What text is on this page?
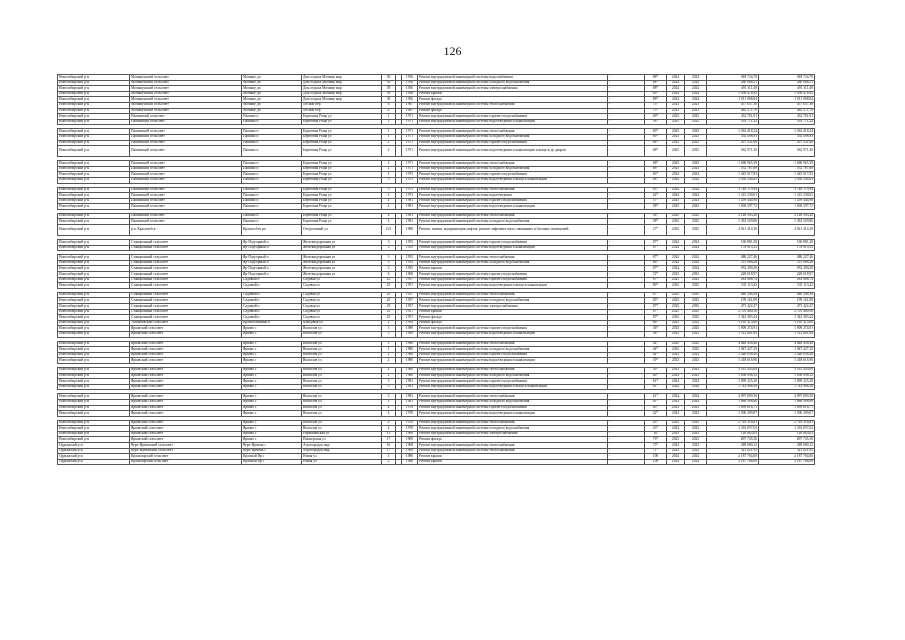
126
Новосибирский р-н	Мочищенский сельсовет	Мочище дп	Дом отдыха Мочище мкр	30		1956	Ремонт внутридомовой инженерной системы водоснабжения	-	88*	2024	2024	949 724,78	949 724,78
Новосибирский р-н	Мочищенский сельсовет	Мочище дп	Дом отдыха Мочище мкр	39		1956	Ремонт внутридомовой инженерной системы холодного водоснабжения	-	88*	2024	2024	280 068,51	280 068,51
Новосибирский р-н	Мочищенский сельсовет	Мочище дп	Дом отдыха Мочище мкр	39		1956	Ремонт внутридомовой инженерной системы электроснабжения	-	88*	2024	2024	491 311,49	491 311,49
Новосибирский р-н	Мочищенский сельсовет	Мочище дп	Дом отдыха Мочище мкр	39		1956	Ремонт крыши	-	69*	2024	2024	1 056 478,92	1 056 478,92
Новосибирский р-н	Мочищенский сельсовет	Мочище дп	Дом отдыха Мочище мкр	39		1956	Ремонт фасада	-	88*	2024	2024	1 011 008,84	1 011 008,84
Новосибирский р-н	Мочищенский сельсовет	Мочище дп	Лесной пер	6		1967	Ремонт внутридомовой инженерной системы теплоснабжения	-	73*	2023	2023	457 037,38	457 037,38
Новосибирский р-н	Мочищенский сельсовет	Мочище дп	Лесной пер	4		1967	Ремонт фасада	-	73*	2023	2023	482 571,70	482 571,70
Новосибирский р-н	Пашинский сельсовет	Пашино п	Береговая Роща ул	1		1971	Ремонт внутридомовой инженерной системы горячего водоснабжения	-	69*	2025	2025	432 761,91	432 761,91
Новосибирский р-н	Пашинский сельсовет	Пашино п	Береговая Роща ул	1		1971	Ремонт внутридомовой инженерной системы водоотведения и канализации	-	58*	2025	2025	553 771,22	553 771,22

Новосибирский р-н	Пашинский сельсовет	Пашино п	Береговая Роща ул	1		1971	Ремонт внутридомовой инженерной системы теплоснабжения	-	69*	2025	2025	1 562 418,24	1 562 418,24
Новосибирский р-н	Пашинский сельсовет	Пашино п	Береговая Роща ул	1		1971	Ремонт внутридомовой инженерной системы холодного водоснабжения	-	69*	2025	2025	554 498,93	554 498,93
Новосибирский р-н	Пашинский сельсовет	Пашино п	Береговая Роща ул	2		1971	Ремонт внутридомовой инженерной системы горячего водоснабжения	-	68*	2025	2025	457 531,60	457 531,60
Новосибирский р-н	Пашинский сельсовет	Пашино п	Береговая Роща ул	2		1971	Ремонт внутридомовой инженерной системы водоотведения и канализации и выпуск до дворов	-	68*	2025	2025	562 971,30	562 971,30

Новосибирский р-н	Пашинский сельсовет	Пашино п	Береговая Роща ул	2		1971	Ремонт внутридомовой инженерной системы теплоснабжения	-	68*	2025	2025	1 668 965,39	1 668 965,39
Новосибирский р-н	Пашинский сельсовет	Пашино п	Береговая Роща ул	2		1971	Ремонт внутридомовой инженерной системы холодного водоснабжения	-	68*	2025	2025	552 767,60	552 767,60
Новосибирский р-н	Пашинский сельсовет	Пашино п	Береговая Роща ул	3		1973	Ремонт внутридомовой инженерной системы горячего водоснабжения	-	63*	2024	2024	1 045 917,83	1 045 917,83
Новосибирский р-н	Пашинский сельсовет	Пашино п	Береговая Роща ул	3		1973	Ремонт внутридомовой инженерной системы водоотведения и выпуск канализации	-	68*	2024	2024	1 930 344,83	1 930 344,83

Новосибирский р-н	Пашинский сельсовет	Пашино п	Береговая Роща ул	3		1973	Ремонт внутридомовой инженерной системы теплоснабжения	-	63*	2024	2024	3 749 179,94	3 749 179,94
Новосибирский р-н	Пашинский сельсовет	Пашино п	Береговая Роща ул	3		1973	Ремонт внутридомовой инженерной системы водоотведения	-	62*	2024	2024	1 215 230,61	1 215 230,61
Новосибирский р-н	Пашинский сельсовет	Пашино п	Береговая Роща ул	4		1981	Ремонт внутридомовой инженерной системы горячего водоснабжения	-	57*	2025	2025	1 459 444,90	1 459 444,90
Новосибирский р-н	Пашинский сельсовет	Пашино п	Береговая Роща ул	4		1981	Ремонт внутридомовой инженерной системы водоотведения и канализации	-	58*	2025	2025	1 658 597,72	1 658 597,72

Новосибирский р-н	Пашинский сельсовет	Пашино п	Береговая Роща ул	4		1981	Ремонт внутридомовой инженерной системы теплоснабжения	-	58*	2025	2025	3 148 393,28	3 148 393,28
Новосибирский р-н	Пашинский сельсовет	Пашино п	Береговая Роща ул	4		1981	Ремонт внутридомовой инженерной системы холодного водоснабжения	-	58*	2025	2025	1 453 529,86	1 453 529,86
Новосибирский р-н	р.п. Краснообск	Краснообск рп	Отгрузочный ул	213		1988	Ремонт, замена, модернизация лифтов, ремонт лифтовых шахт, машинных и блочных помещений	-	27*	2025	2025	4 021 414,38	4 021 414,38

Новосибирский р-н	Станционный сельсовет	Яр-Подгорный п	Железнодорожная ул	3		1955	Ремонт внутридомовой инженерной системы горячего водоснабжения	-	87*	2024	2024	160 881,28	160 881,28
Новосибирский р-н	Станционный сельсовет	Яр-Подгорный п	Железнодорожная ул	3		1955	Ремонт внутридомовой инженерной системы водоотведения и канализации	-	87*	2024	2024	178 915,52	178 915,52

Новосибирский р-н	Станционный сельсовет	Яр-Подгорный п	Железнодорожная ул	3		1955	Ремонт внутридомовой инженерной системы теплоснабжения	-	87*	2024	2024	480 227,46	480 227,46
Новосибирский р-н	Станционный сельсовет	Яр-Подгорный п	Железнодорожная ул	3		1955	Ремонт внутридомовой инженерной системы холодного водоснабжения	-	86*	2024	2024	115 086,26	115 086,26
Новосибирский р-н	Станционный сельсовет	Яр-Подгорный п	Железнодорожная ул	3		1955	Ремонт крыши	-	87*	2024	2024	932 390,30	932 390,30
Новосибирский р-н	Станционный сельсовет	Яр-Подгорный п	Железнодорожная ул	6		1968	Ремонт внутридомовой инженерной системы горячего водоснабжения	-	72*	2023	2023	228 618,97	228 618,97
Новосибирский р-н	Станционный сельсовет	Садовый п	Садовая ул	25		1957	Ремонт внутридомовой инженерной системы горячего водоснабжения	-	87*	2025	2025	283 086,74	283 086,74
Новосибирский р-н	Станционный сельсовет	Садовый п	Садовая ул	25		1957	Ремонт внутридомовой инженерной системы водоотведения и выпуск канализации	-	80*	2025	2025	535 113,42	535 113,42

Новосибирский р-н	Станционный сельсовет	Садовый п	Садовая ул	25		1957	Ремонт внутридомовой инженерной системы теплоснабжения	-	87*	2025	2025	846 348,56	846 348,56
Новосибирский р-н	Станционный сельсовет	Садовый п	Садовая ул	25		1957	Ремонт внутридомовой инженерной системы холодного водоснабжения	-	85*	2025	2025	199 161,89	199 161,89
Новосибирский р-н	Станционный сельсовет	Садовый п	Садовая ул	25		1957	Ремонт внутридомовой инженерной системы электроснабжения	-	87*	2025	2025	473 422,47	473 422,47
Новосибирский р-н	Станционный сельсовет	Садовый п	Садовая ул	25		1957	Ремонт крыши	-	87*	2025	2025	2 701 460,50	2 701 460,50
Новосибирский р-н	Станционный сельсовет	Садовый п	Садовая ул	25		1957	Ремонт фасада	-	87*	2025	2025	1 342 383,44	1 342 383,44
Новосибирский р-н	Толмачевский сельсовет	Красноглинный п	Шкодовая ул	2		1959	Ремонт фасада	-	66*	2023	2023	3 165 315,80	3 165 315,80
Новосибирский р-н	Ярковский сельсовет	Ярково с	Вокзалов ул	3		1989	Ремонт внутридомовой инженерной системы горячего водоснабжения	-	36*	2025	2025	1 909 374,91	1 909 374,91
Новосибирский р-н	Ярковский сельсовет	Ярково с	Вокзалов ул	3		1989	Ремонт внутридомовой инженерной системы водоотведения и канализации	-	38*	2025	2025	1 512 601,84	1 512 601,84

Новосибирский р-н	Ярковский сельсовет	Ярково с	Вокзалов ул	1		1980	Ремонт внутридомовой инженерной системы теплоснабжения	-	44*	2025	2025	4 648 456,46	4 648 456,46
Новосибирский р-н	Ярковский сельсовет	Ярково с	Вокзалов ул	1		1980	Ремонт внутридомовой инженерной системы холодного водоснабжения	-	44*	2025	2025	1 947 427,29	1 947 427,29
Новосибирский р-н	Ярковский сельсовет	Ярково с	Вокзалов ул	2		1980	Ремонт внутридомовой инженерной системы горячего водоснабжения	-	44*	2023	2023	1 426 056,40	1 426 056,40
Новосибирский р-н	Ярковский сельсовет	Ярково с	Вокзалов ул	2		1980	Ремонт внутридомовой инженерной системы водоотведения и канализации	-	39*	2023	2023	1 418 616,96	1 418 616,96

Новосибирский р-н	Ярковский сельсовет	Ярково с	Вокзалов ул	2		1980	Ремонт внутридомовой инженерной системы теплоснабжения	-	39*	2023	2023	3 181 443,69	3 181 443,69
Новосибирский р-н	Ярковский сельсовет	Ярково с	Вокзалов ул	2		1980	Ремонт внутридомовой инженерной системы холодного водоснабжения	-	40*	2023	2023	1 656 096,12	1 656 096,12
Новосибирский р-н	Ярковский сельсовет	Ярково с	Вокзалов ул	3		1981	Ремонт внутридомовой инженерной системы горячего водоснабжения	-	61*	2024	2024	1 099 225,20	1 099 225,20
Новосибирский р-н	Ярковский сельсовет	Ярково с	Вокзалов ул	3		1981	Ремонт внутридомовой инженерной системы водоотведения и выпуск канализации	-	61*	2024	2024	1 743 968,38	1 743 968,38

Новосибирский р-н	Ярковский сельсовет	Ярково с	Вокзалов ул	3		1981	Ремонт внутридомовой инженерной системы теплоснабжения	-	61*	2024	2024	4 997 809,30	4 997 809,30
Новосибирский р-н	Ярковский сельсовет	Ярково с	Вокзалов ул	3		1981	Ремонт внутридомовой инженерной системы холодного водоснабжения	-	61*	2024	2024	1 886 908,86	1 886 908,86
Новосибирский р-н	Ярковский сельсовет	Ярково с	Вокзалов ул	4		1978	Ремонт внутридомовой инженерной системы горячего водоснабжения	-	40*	2023	2023	1 899 616,71	1 899 616,71
Новосибирский р-н	Ярковский сельсовет	Ярково с	Вокзалов ул	4		1978	Ремонт внутридомовой инженерной системы водоотведения и канализации	-	42*	2023	2023	1 500 299,07	1 500 299,07

Новосибирский р-н	Ярковский сельсовет	Ярково с	Вокзалов ул	4		1978	Ремонт внутридомовой инженерной системы теплоснабжения	-	43*	2023	2023	2 749 316,61	2 749 316,61
Новосибирский р-н	Ярковский сельсовет	Ярково с	Вокзалов ул	4		1978	Ремонт внутридомовой инженерной системы холодного водоснабжения	-	43*	2023	2023	1 316 057,63	1 316 057,63
Новосибирский р-н	Ярковский сельсовет	Ярково с	Первомайская ул	13		1960	Ремонт внутридомовой инженерной системы электроснабжения	-	85	2025	2025	128 083,63	128 083,63
Новосибирский р-н	Ярковский сельсовет	Ярково с	Пионерская ул	17		1969	Ремонт фасада	-	76*	2023	2023	697 745,36	697 745,36
Ордынский р-н	Верх-Ирменский сельсовет	Верх-Ирмень с	Агрогородок мкр	16		1968	Ремонт внутридомовой инженерной системы теплоснабжения	-	73*	2023	2023	289 080,12	289 080,12
Ордынский р-н	Верх-Ирменский сельсовет	Верх-Ирмень с	Агрогородок мкр	17		1969	Ремонт внутридомовой инженерной системы теплоснабжения	-	71*	2023	2023	321 021,95	321 021,95
Ордынский р-н	Красноярский сельсовет	Красный Яр с	Новая ул	3		1986	Ремонт крыши	-	100	2024	2024	2 187 764,00	2 187 764,00
Ордынский р-н	Красноярский сельсовет	Красный Яр с	Новая ул	2		1986	Ремонт крыши	-	100	2024	2024	2 187 764,00	2 187 764,00
